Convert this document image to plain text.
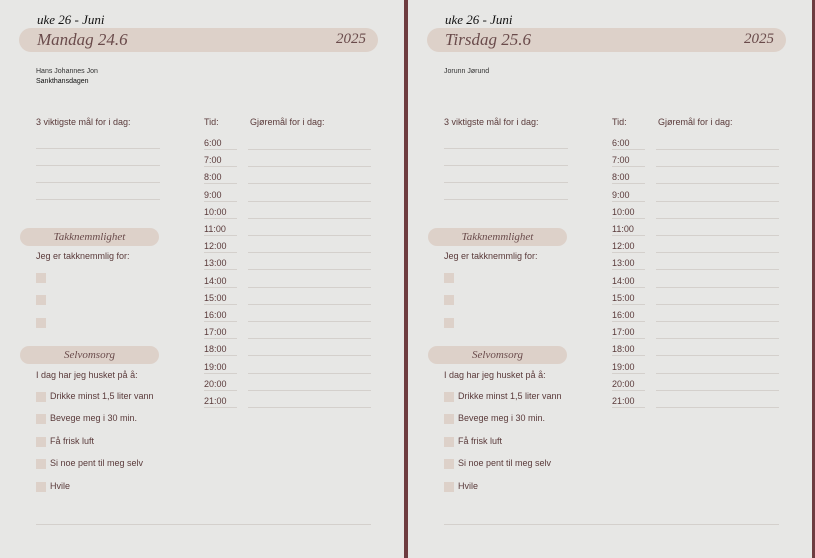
uke 26 - Juni
Mandag 24.6	2025
Hans Johannes Jon
Sankthansdagen
3 viktigste mål for i dag:	Tid:	Gjøremål for i dag:
6:00
7:00
8:00
9:00
10:00
11:00
12:00
13:00
14:00
15:00
16:00
17:00
18:00
19:00
20:00
21:00
Takknemmlighet
Jeg er takknemmlig for:
Selvomsorg
I dag har jeg husket på å:
Drikke minst 1,5 liter vann
Bevege meg i 30 min.
Få frisk luft
Si noe pent til meg selv
Hvile
uke 26 - Juni
Tirsdag 25.6	2025
Jorunn Jørund
3 viktigste mål for i dag:	Tid:	Gjøremål for i dag:
6:00
7:00
8:00
9:00
10:00
11:00
12:00
13:00
14:00
15:00
16:00
17:00
18:00
19:00
20:00
21:00
Takknemmlighet
Jeg er takknemmlig for:
Selvomsorg
I dag har jeg husket på å:
Drikke minst 1,5 liter vann
Bevege meg i 30 min.
Få frisk luft
Si noe pent til meg selv
Hvile
